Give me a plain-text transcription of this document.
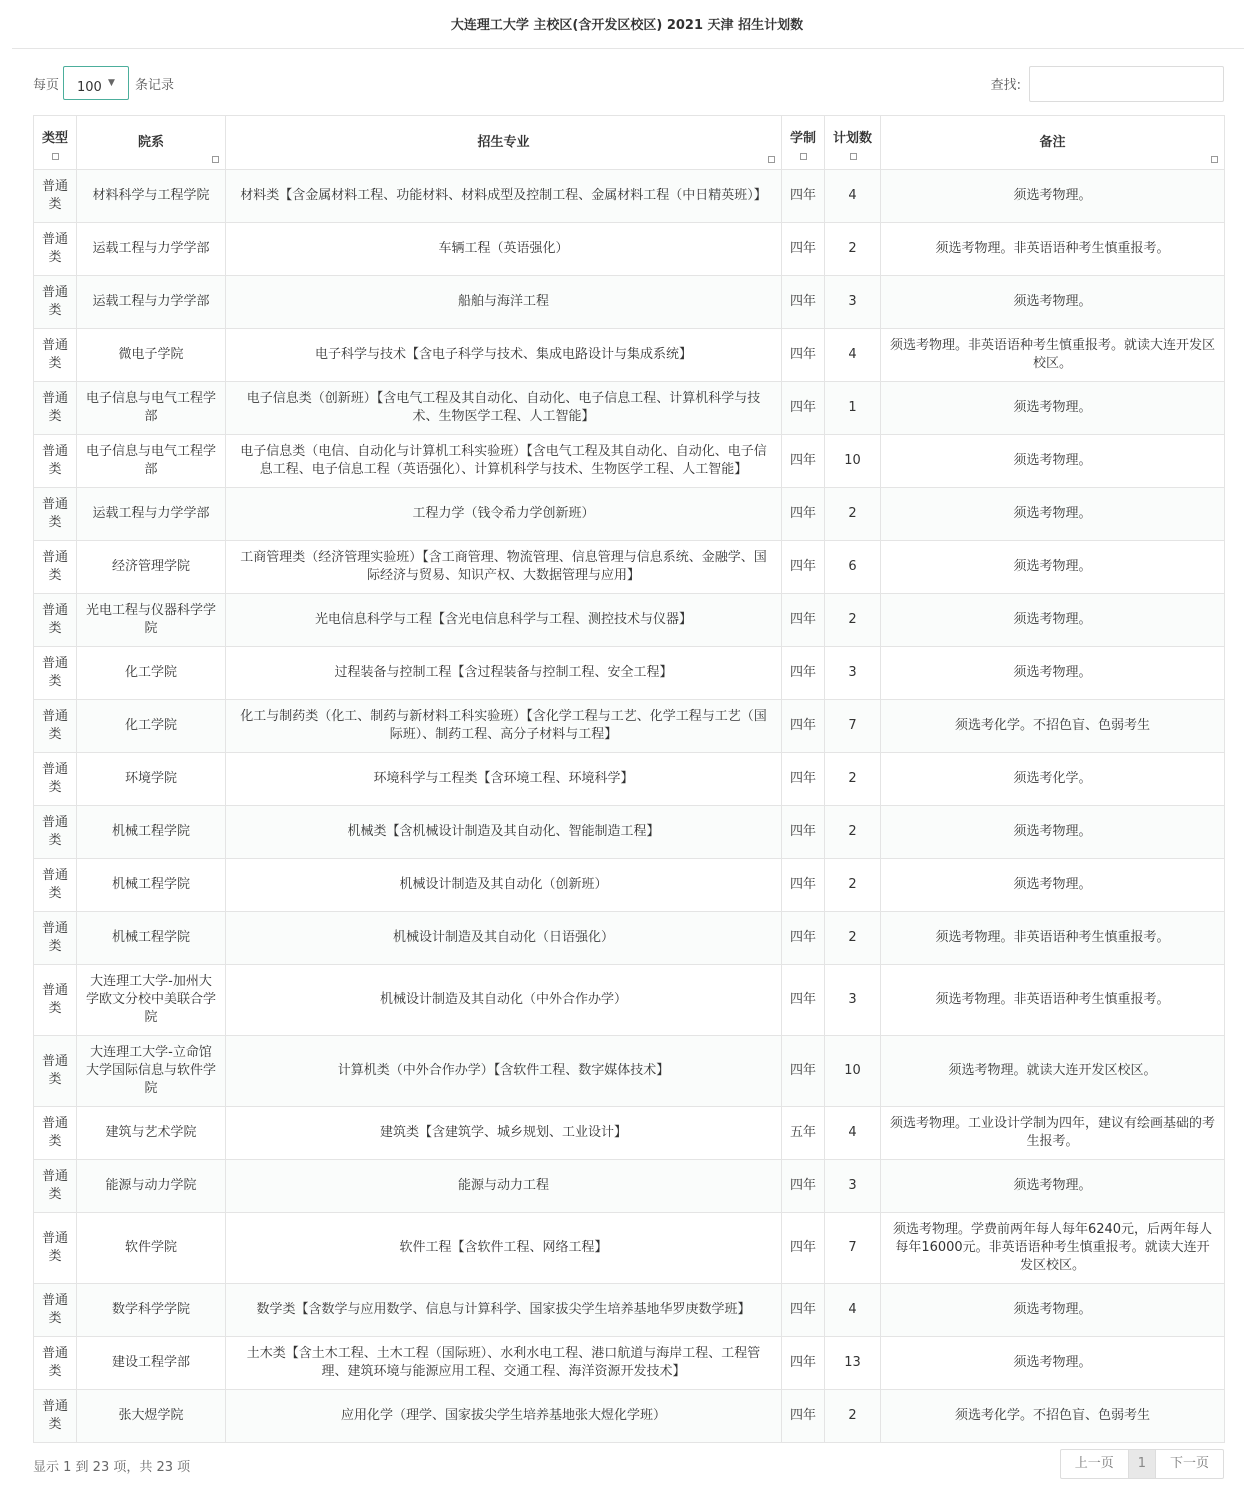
大连理工大学 主校区(含开发区校区) 2021 天津 招生计划数
每页 100 ▼ 条记录	查找:
类型	院系	招生专业	学制	计划数	备注

普通类	材料科学与工程学院	材料类【含金属材料工程、功能材料、材料成型及控制工程、金属材料工程（中日精英班）】	四年	4	须选考物理。
普通类	运载工程与力学学部	车辆工程（英语强化）	四年	2	须选考物理。非英语语种考生慎重报考。
普通类	运载工程与力学学部	船舶与海洋工程	四年	3	须选考物理。
普通类	微电子学院	电子科学与技术【含电子科学与技术、集成电路设计与集成系统】	四年	4	须选考物理。非英语语种考生慎重报考。就读大连开发区校区。
普通类	电子信息与电气工程学部	电子信息类（创新班）【含电气工程及其自动化、自动化、电子信息工程、计算机科学与技术、生物医学工程、人工智能】	四年	1	须选考物理。
普通类	电子信息与电气工程学部	电子信息类（电信、自动化与计算机工科实验班）【含电气工程及其自动化、自动化、电子信息工程、电子信息工程（英语强化）、计算机科学与技术、生物医学工程、人工智能】	四年	10	须选考物理。
普通类	运载工程与力学学部	工程力学（钱令希力学创新班）	四年	2	须选考物理。
普通类	经济管理学院	工商管理类（经济管理实验班）【含工商管理、物流管理、信息管理与信息系统、金融学、国际经济与贸易、知识产权、大数据管理与应用】	四年	6	须选考物理。
普通类	光电工程与仪器科学学院	光电信息科学与工程【含光电信息科学与工程、测控技术与仪器】	四年	2	须选考物理。
普通类	化工学院	过程装备与控制工程【含过程装备与控制工程、安全工程】	四年	3	须选考物理。
普通类	化工学院	化工与制药类（化工、制药与新材料工科实验班）【含化学工程与工艺、化学工程与工艺（国际班）、制药工程、高分子材料与工程】	四年	7	须选考化学。不招色盲、色弱考生
普通类	环境学院	环境科学与工程类【含环境工程、环境科学】	四年	2	须选考化学。
普通类	机械工程学院	机械类【含机械设计制造及其自动化、智能制造工程】	四年	2	须选考物理。
普通类	机械工程学院	机械设计制造及其自动化（创新班）	四年	2	须选考物理。
普通类	机械工程学院	机械设计制造及其自动化（日语强化）	四年	2	须选考物理。非英语语种考生慎重报考。
普通类	大连理工大学-加州大学欧文分校中美联合学院	机械设计制造及其自动化（中外合作办学）	四年	3	须选考物理。非英语语种考生慎重报考。
普通类	大连理工大学-立命馆大学国际信息与软件学院	计算机类（中外合作办学）【含软件工程、数字媒体技术】	四年	10	须选考物理。就读大连开发区校区。
普通类	建筑与艺术学院	建筑类【含建筑学、城乡规划、工业设计】	五年	4	须选考物理。工业设计学制为四年，建议有绘画基础的考生报考。
普通类	能源与动力学院	能源与动力工程	四年	3	须选考物理。
普通类	软件学院	软件工程【含软件工程、网络工程】	四年	7	须选考物理。学费前两年每人每年6240元，后两年每人每年16000元。非英语语种考生慎重报考。就读大连开发区校区。
普通类	数学科学学院	数学类【含数学与应用数学、信息与计算科学、国家拔尖学生培养基地华罗庚数学班】	四年	4	须选考物理。
普通类	建设工程学部	土木类【含土木工程、土木工程（国际班）、水利水电工程、港口航道与海岸工程、工程管理、建筑环境与能源应用工程、交通工程、海洋资源开发技术】	四年	13	须选考物理。
普通类	张大煜学院	应用化学（理学、国家拔尖学生培养基地张大煜化学班）	四年	2	须选考化学。不招色盲、色弱考生
显示 1 到 23 项，共 23 项	上一页	1	下一页
